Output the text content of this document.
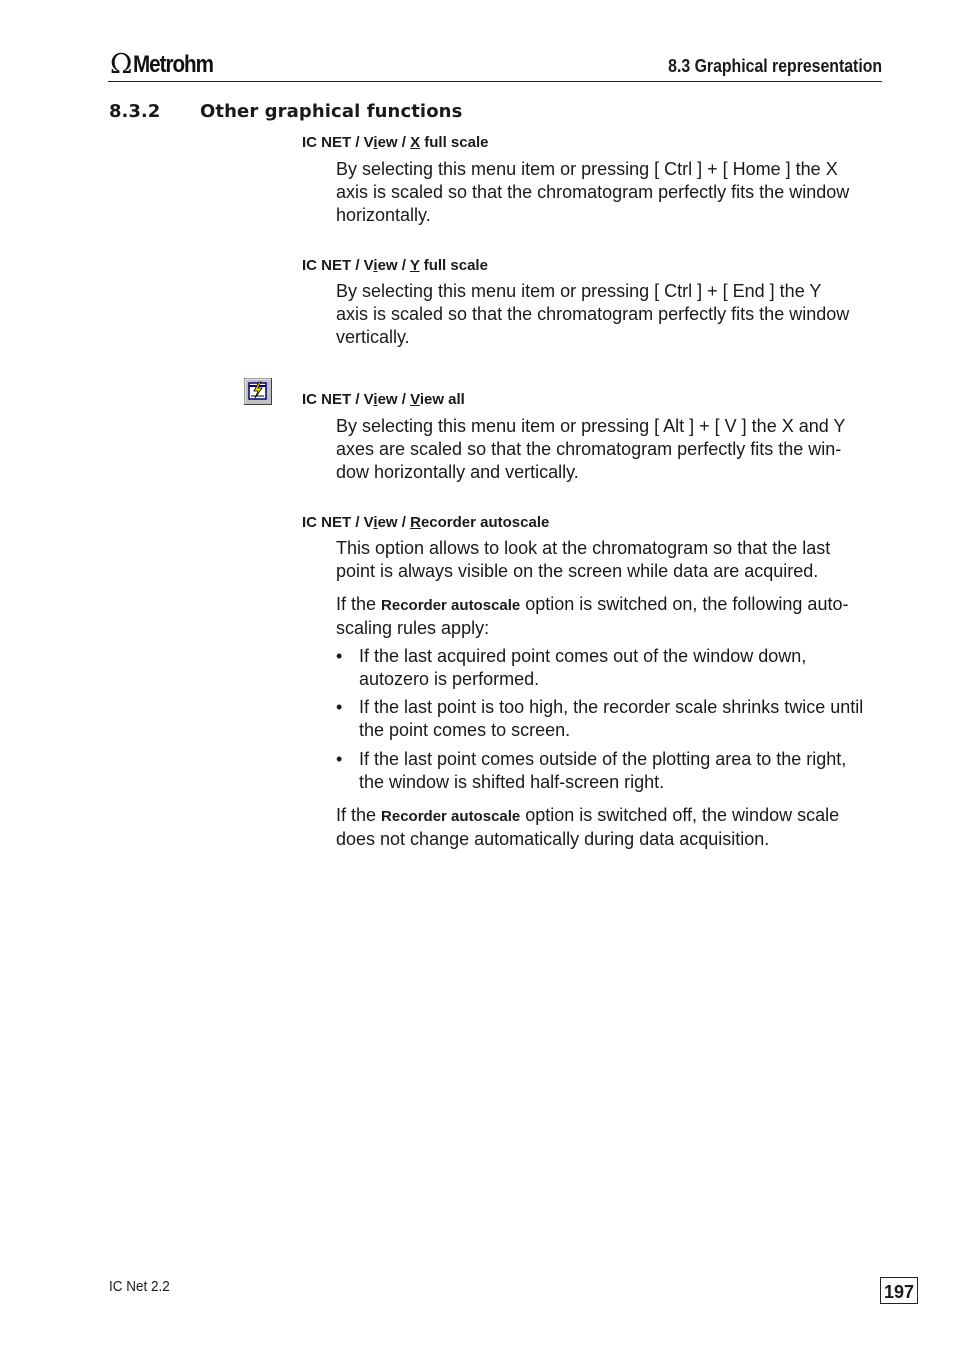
Ω Metrohm	8.3 Graphical representation
8.3.2 Other graphical functions
IC NET / View / X full scale
By selecting this menu item or pressing [ Ctrl ] + [ Home ] the X
axis is scaled so that the chromatogram perfectly fits the window
horizontally.
IC NET / View / Y full scale
By selecting this menu item or pressing [ Ctrl ] + [ End ] the Y
axis is scaled so that the chromatogram perfectly fits the window
vertically.
IC NET / View / View all
By selecting this menu item or pressing [ Alt ] + [ V ] the X and Y
axes are scaled so that the chromatogram perfectly fits the win-
dow horizontally and vertically.
IC NET / View / Recorder autoscale
This option allows to look at the chromatogram so that the last
point is always visible on the screen while data are acquired.
If the Recorder autoscale option is switched on, the following auto-
scaling rules apply:
• If the last acquired point comes out of the window down,
autozero is performed.
• If the last point is too high, the recorder scale shrinks twice until
the point comes to screen.
• If the last point comes outside of the plotting area to the right,
the window is shifted half-screen right.
If the Recorder autoscale option is switched off, the window scale
does not change automatically during data acquisition.
IC Net 2.2	197
